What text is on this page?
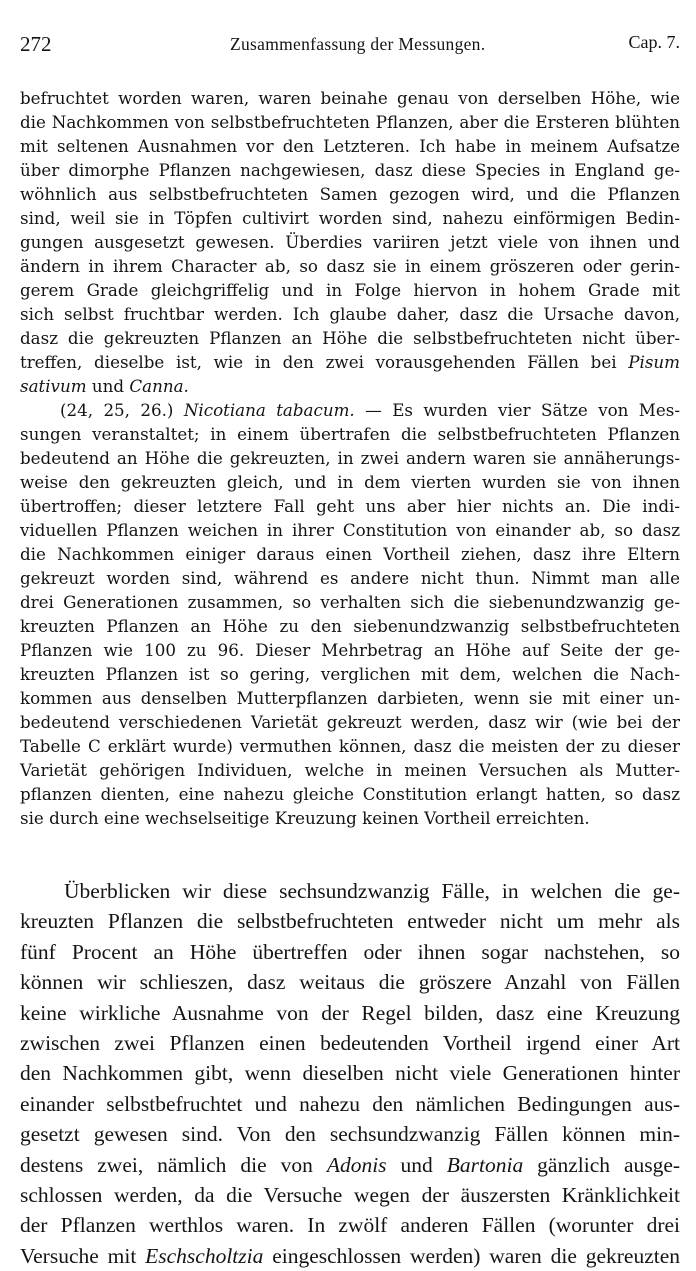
272	Zusammenfassung der Messungen.	Cap. 7.
befruchtet worden waren, waren beinahe genau von derselben Höhe, wie
die Nachkommen von selbstbefruchteten Pflanzen, aber die Ersteren blühten
mit seltenen Ausnahmen vor den Letzteren. Ich habe in meinem Aufsatze
über dimorphe Pflanzen nachgewiesen, dasz diese Species in England ge-
wöhnlich aus selbstbefruchteten Samen gezogen wird, und die Pflanzen
sind, weil sie in Töpfen cultivirt worden sind, nahezu einförmigen Bedin-
gungen ausgesetzt gewesen. Überdies variiren jetzt viele von ihnen und
ändern in ihrem Character ab, so dasz sie in einem gröszeren oder gerin-
gerem Grade gleichgriffelig und in Folge hiervon in hohem Grade mit
sich selbst fruchtbar werden. Ich glaube daher, dasz die Ursache davon,
dasz die gekreuzten Pflanzen an Höhe die selbstbefruchteten nicht über-
treffen, dieselbe ist, wie in den zwei vorausgehenden Fällen bei Pisum
sativum und Canna.
(24, 25, 26.) Nicotiana tabacum. — Es wurden vier Sätze von Mes-
sungen veranstaltet; in einem übertrafen die selbstbefruchteten Pflanzen
bedeutend an Höhe die gekreuzten, in zwei andern waren sie annäherungs-
weise den gekreuzten gleich, und in dem vierten wurden sie von ihnen
übertroffen; dieser letztere Fall geht uns aber hier nichts an. Die indi-
viduellen Pflanzen weichen in ihrer Constitution von einander ab, so dasz
die Nachkommen einiger daraus einen Vortheil ziehen, dasz ihre Eltern
gekreuzt worden sind, während es andere nicht thun. Nimmt man alle
drei Generationen zusammen, so verhalten sich die siebenundzwanzig ge-
kreuzten Pflanzen an Höhe zu den siebenundzwanzig selbstbefruchteten
Pflanzen wie 100 zu 96. Dieser Mehrbetrag an Höhe auf Seite der ge-
kreuzten Pflanzen ist so gering, verglichen mit dem, welchen die Nach-
kommen aus denselben Mutterpflanzen darbieten, wenn sie mit einer un-
bedeutend verschiedenen Varietät gekreuzt werden, dasz wir (wie bei der
Tabelle C erklärt wurde) vermuthen können, dasz die meisten der zu dieser
Varietät gehörigen Individuen, welche in meinen Versuchen als Mutter-
pflanzen dienten, eine nahezu gleiche Constitution erlangt hatten, so dasz
sie durch eine wechselseitige Kreuzung keinen Vortheil erreichten.
Überblicken wir diese sechsundzwanzig Fälle, in welchen die ge-
kreuzten Pflanzen die selbstbefruchteten entweder nicht um mehr als
fünf Procent an Höhe übertreffen oder ihnen sogar nachstehen, so
können wir schlieszen, dasz weitaus die gröszere Anzahl von Fällen
keine wirkliche Ausnahme von der Regel bilden, dasz eine Kreuzung
zwischen zwei Pflanzen einen bedeutenden Vortheil irgend einer Art
den Nachkommen gibt, wenn dieselben nicht viele Generationen hinter
einander selbstbefruchtet und nahezu den nämlichen Bedingungen aus-
gesetzt gewesen sind. Von den sechsundzwanzig Fällen können min-
destens zwei, nämlich die von Adonis und Bartonia gänzlich ausge-
schlossen werden, da die Versuche wegen der äuszersten Kränklichkeit
der Pflanzen werthlos waren. In zwölf anderen Fällen (worunter drei
Versuche mit Eschscholtzia eingeschlossen werden) waren die gekreuzten
